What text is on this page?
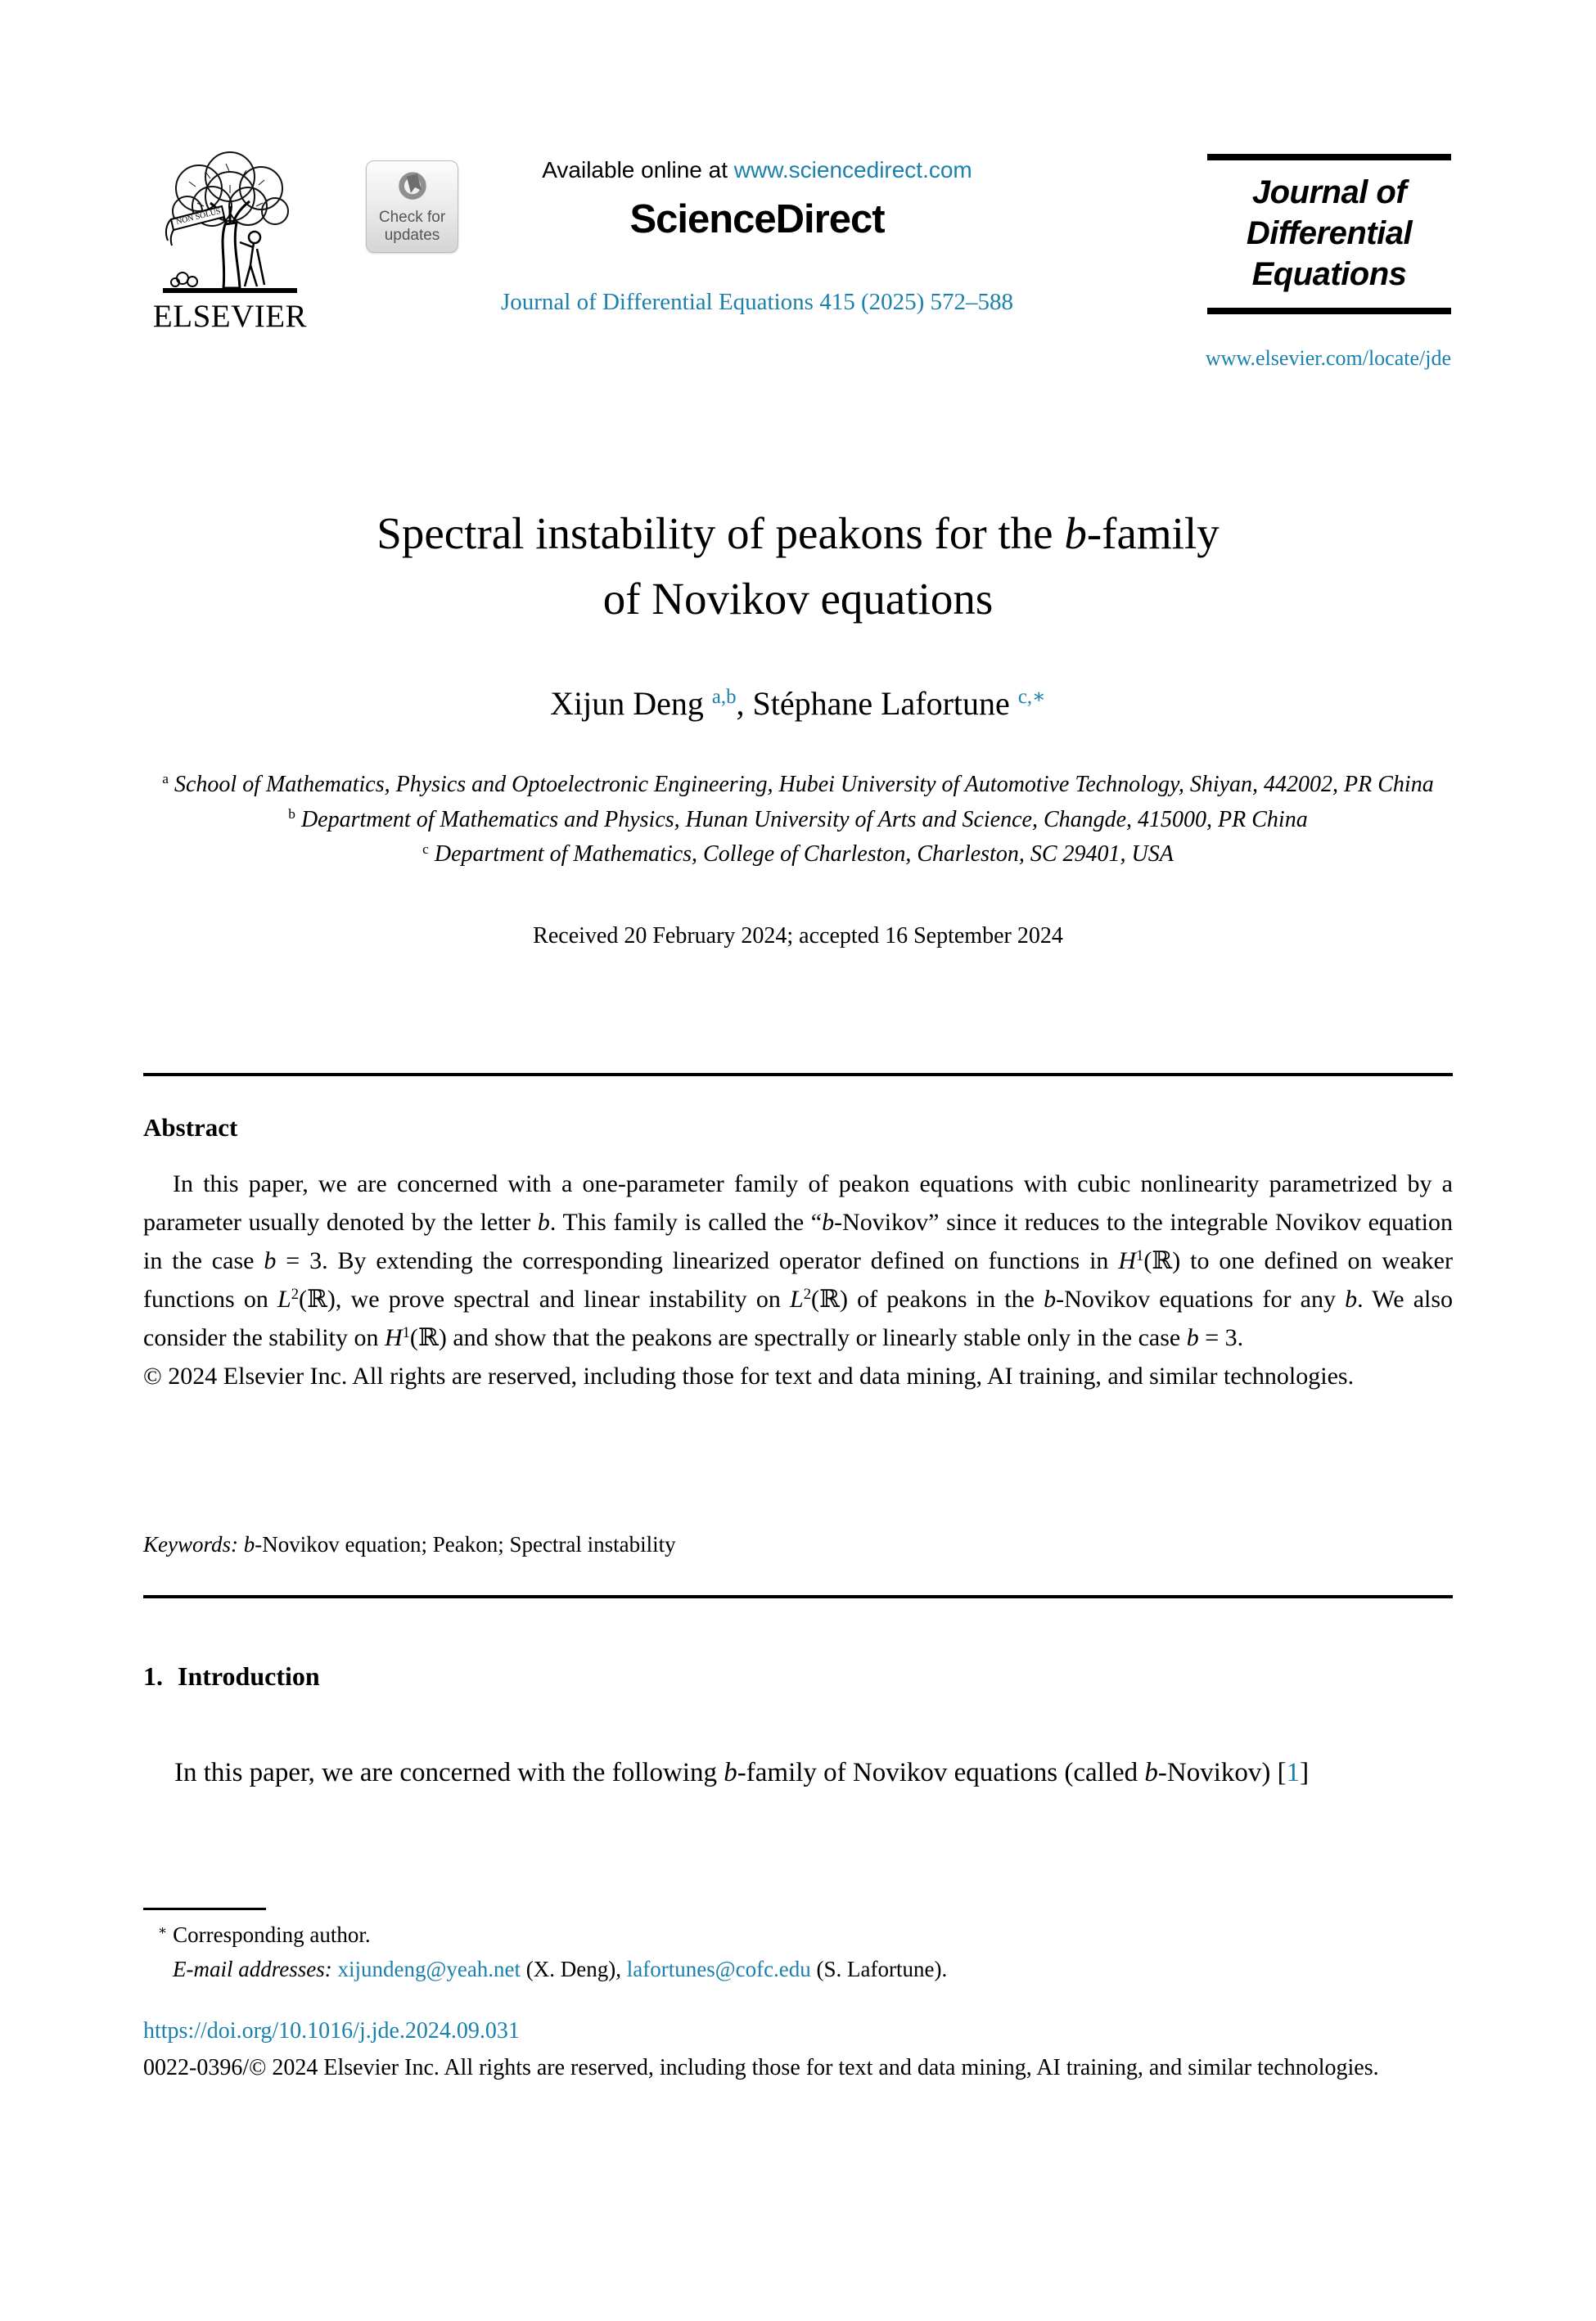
NON SOLUS
ELSEVIER
Check for
updates
Available online at www.sciencedirect.com
ScienceDirect
Journal of Differential Equations 415 (2025) 572–588
Journal of
Differential
Equations
www.elsevier.com/locate/jde
Spectral instability of peakons for the b-family
of Novikov equations
Xijun Deng $^{a,b}$, Stéphane Lafortune $^{c,∗}$
$^a$ School of Mathematics, Physics and Optoelectronic Engineering, Hubei University of Automotive Technology, Shiyan, 442002, PR China
$^b$ Department of Mathematics and Physics, Hunan University of Arts and Science, Changde, 415000, PR China
$^c$ Department of Mathematics, College of Charleston, Charleston, SC 29401, USA
Received 20 February 2024; accepted 16 September 2024
Abstract

In this paper, we are concerned with a one-parameter family of peakon equations with cubic nonlinearity parametrized by a parameter usually denoted by the letter b. This family is called the “b-Novikov” since it reduces to the integrable Novikov equation in the case b = 3. By extending the corresponding linearized operator defined on functions in $H^1(ℝ)$ to one defined on weaker functions on $L^2(ℝ)$, we prove spectral and linear instability on $L^2(ℝ)$ of peakons in the b-Novikov equations for any b. We also consider the stability on $H^1(ℝ)$ and show that the peakons are spectrally or linearly stable only in the case b = 3.

© 2024 Elsevier Inc. All rights are reserved, including those for text and data mining, AI training, and similar technologies.

Keywords: b-Novikov equation; Peakon; Spectral instability
1. Introduction
In this paper, we are concerned with the following b-family of Novikov equations (called b-Novikov) [1]
∗ Corresponding author.
E-mail addresses: xijundeng@yeah.net (X. Deng), lafortunes@cofc.edu (S. Lafortune).
https://doi.org/10.1016/j.jde.2024.09.031
0022-0396/© 2024 Elsevier Inc. All rights are reserved, including those for text and data mining, AI training, and similar technologies.
